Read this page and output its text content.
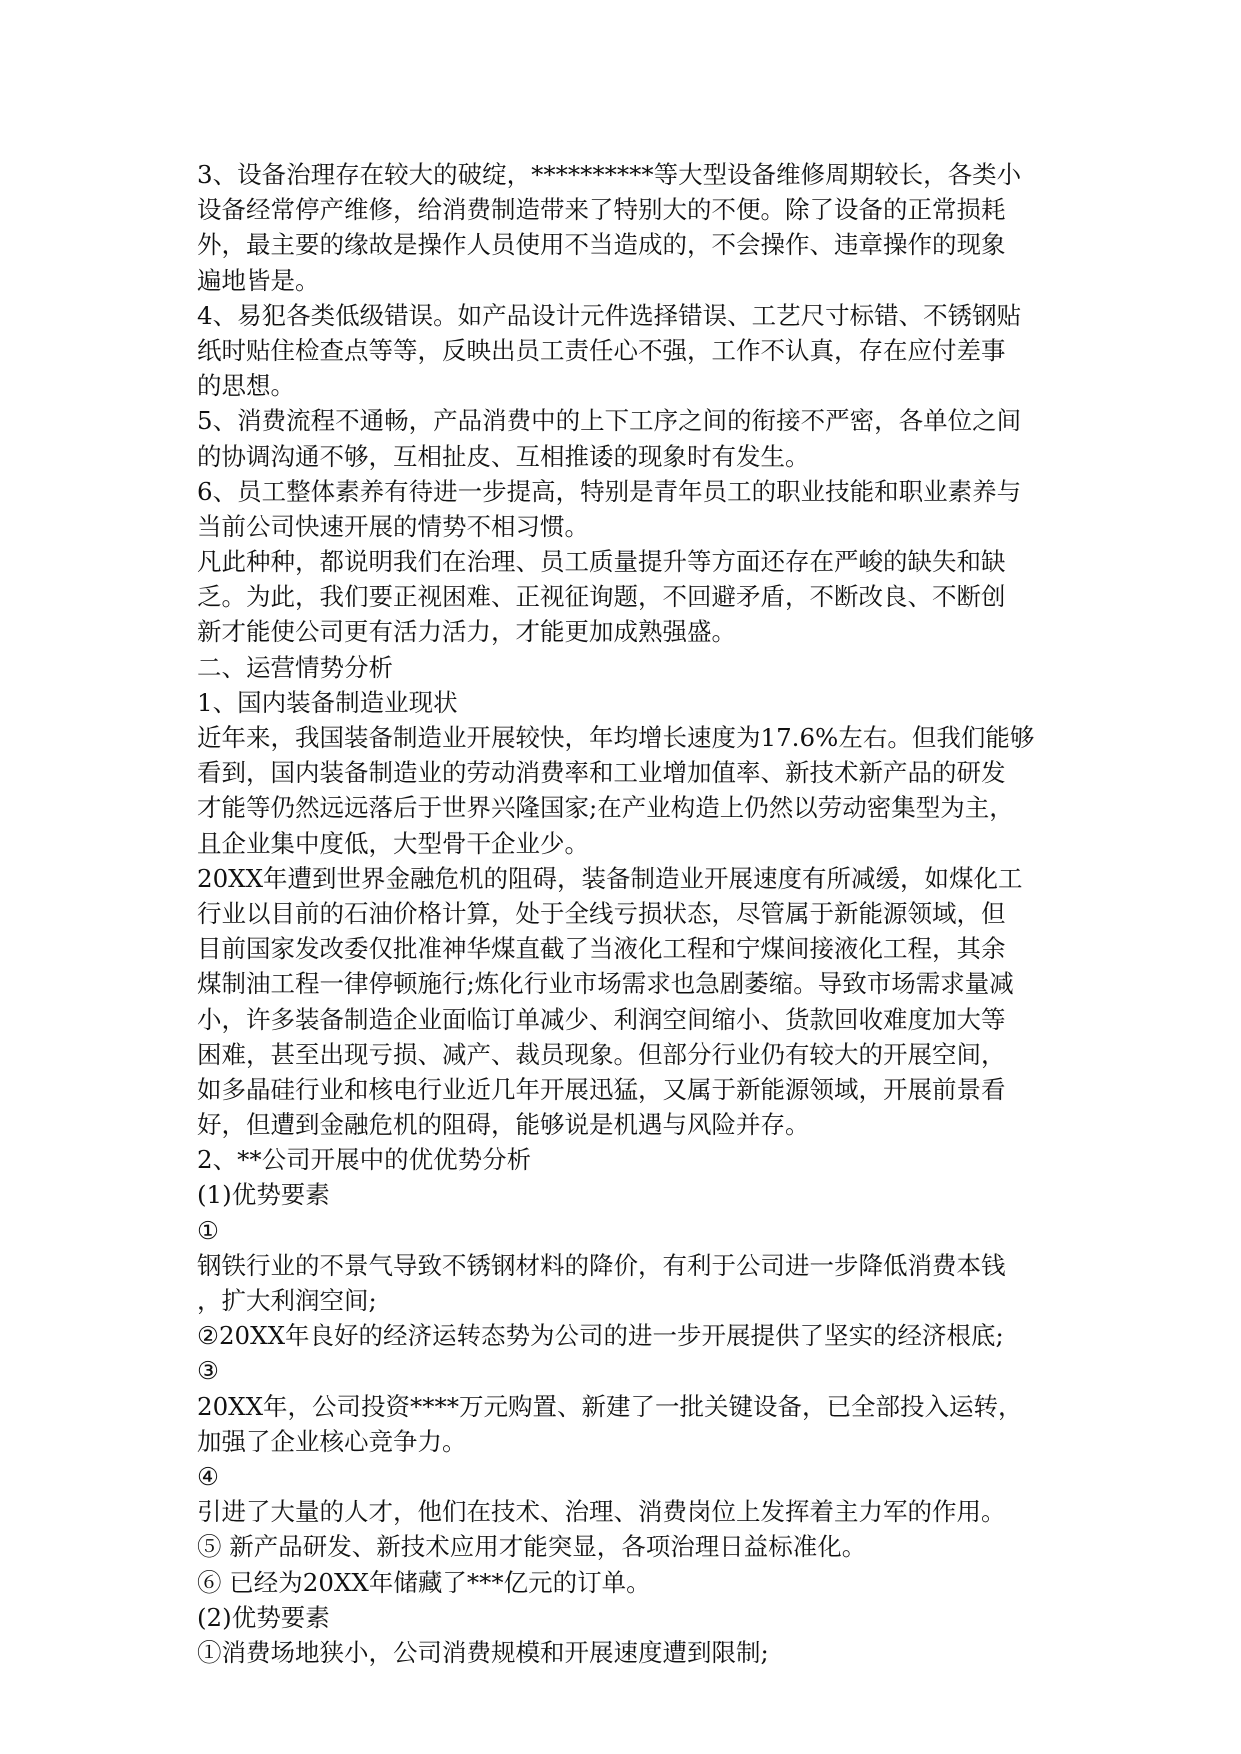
3、设备治理存在较大的破绽，**********等大型设备维修周期较长，各类小
设备经常停产维修，给消费制造带来了特别大的不便。除了设备的正常损耗
外，最主要的缘故是操作人员使用不当造成的，不会操作、违章操作的现象
遍地皆是。
4、易犯各类低级错误。如产品设计元件选择错误、工艺尺寸标错、不锈钢贴
纸时贴住检查点等等，反映出员工责任心不强，工作不认真，存在应付差事
的思想。
5、消费流程不通畅，产品消费中的上下工序之间的衔接不严密，各单位之间
的协调沟通不够，互相扯皮、互相推诿的现象时有发生。
6、员工整体素养有待进一步提高，特别是青年员工的职业技能和职业素养与
当前公司快速开展的情势不相习惯。
凡此种种，都说明我们在治理、员工质量提升等方面还存在严峻的缺失和缺
乏。为此，我们要正视困难、正视征询题，不回避矛盾，不断改良、不断创
新才能使公司更有活力活力，才能更加成熟强盛。
二、运营情势分析
1、国内装备制造业现状
近年来，我国装备制造业开展较快，年均增长速度为17.6%左右。但我们能够
看到，国内装备制造业的劳动消费率和工业增加值率、新技术新产品的研发
才能等仍然远远落后于世界兴隆国家;在产业构造上仍然以劳动密集型为主，
且企业集中度低，大型骨干企业少。
20XX年遭到世界金融危机的阻碍，装备制造业开展速度有所减缓，如煤化工
行业以目前的石油价格计算，处于全线亏损状态，尽管属于新能源领域，但
目前国家发改委仅批准神华煤直截了当液化工程和宁煤间接液化工程，其余
煤制油工程一律停顿施行;炼化行业市场需求也急剧萎缩。导致市场需求量减
小，许多装备制造企业面临订单减少、利润空间缩小、货款回收难度加大等
困难，甚至出现亏损、减产、裁员现象。但部分行业仍有较大的开展空间，
如多晶硅行业和核电行业近几年开展迅猛，又属于新能源领域，开展前景看
好，但遭到金融危机的阻碍，能够说是机遇与风险并存。
2、**公司开展中的优优势分析
(1)优势要素
①
钢铁行业的不景气导致不锈钢材料的降价，有利于公司进一步降低消费本钱
，扩大利润空间;
②20XX年良好的经济运转态势为公司的进一步开展提供了坚实的经济根底;
③
20XX年，公司投资****万元购置、新建了一批关键设备，已全部投入运转，
加强了企业核心竞争力。
④
引进了大量的人才，他们在技术、治理、消费岗位上发挥着主力军的作用。
⑤ 新产品研发、新技术应用才能突显，各项治理日益标准化。
⑥ 已经为20XX年储藏了***亿元的订单。
(2)优势要素
①消费场地狭小，公司消费规模和开展速度遭到限制;
